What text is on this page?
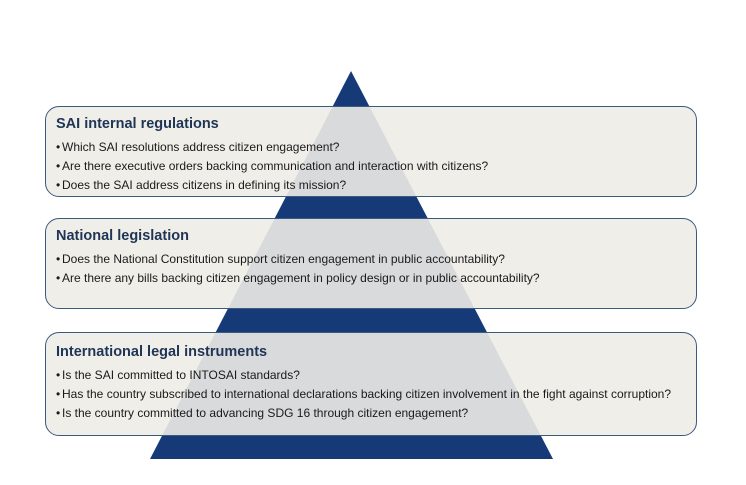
SAI internal regulations
• Which SAI resolutions address citizen engagement?
• Are there executive orders backing communication and interaction with citizens?
• Does the SAI address citizens in defining its mission?
National legislation
• Does the National Constitution support citizen engagement in public accountability?
• Are there any bills backing citizen engagement in policy design or in public accountability?
International legal instruments
• Is the SAI committed to INTOSAI standards?
• Has the country subscribed to international declarations backing citizen involvement in the fight against corruption?
• Is the country committed to advancing SDG 16 through citizen engagement?
